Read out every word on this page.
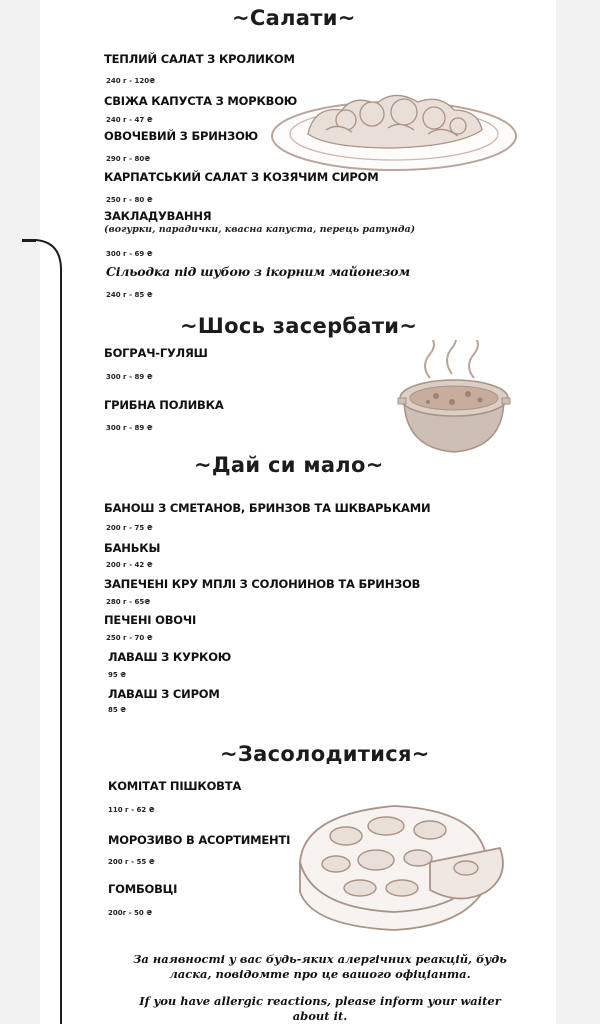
~Салати~
ТЕПЛИЙ САЛАТ З КРОЛИКОМ
240 г - 120₴
СВІЖА КАПУСТА З МОРКВОЮ
240 г - 47 ₴
ОВОЧЕВИЙ З БРИНЗОЮ
290 г - 80₴
КАРПАТСЬКИЙ САЛАТ З КОЗЯЧИМ СИРОМ
250 г - 80 ₴
ЗАКЛАДУВАННЯ
(вогурки, парадички, квасна капуста, перець ратунда)
300 г - 69 ₴
Сільодка під шубою з ікорним майонезом
240 г - 85 ₴
~Шось засербати~
БОГРАЧ-ГУЛЯШ
300 г - 89 ₴
ГРИБНА ПОЛИВКА
300 г - 89 ₴
~Дай си мало~
БАНОШ З СМЕТАНОВ, БРИНЗОВ ТА ШКВАРЬКАМИ
200 г - 75 ₴
БАНЬКЫ
200 г - 42 ₴
ЗАПЕЧЕНІ КРУ МПЛІ З СОЛОНИНОВ ТА БРИНЗОВ
280 г - 65₴
ПЕЧЕНІ ОВОЧІ
250 г - 70 ₴
ЛАВАШ З КУРКОЮ
95 ₴
ЛАВАШ З СИРОМ
85 ₴
~Засолодитися~
КОМІТАТ ПІШКОВТА
110 г - 62 ₴
МОРОЗИВО В АСОРТИМЕНТІ
200 г - 55 ₴
ГОМБОВЦІ
200г - 50 ₴
За наявності у вас будь-яких алергічних реакцій, будь ласка, повідомте про це вашого офіціанта.
If you have allergic reactions, please inform your waiter about it.
